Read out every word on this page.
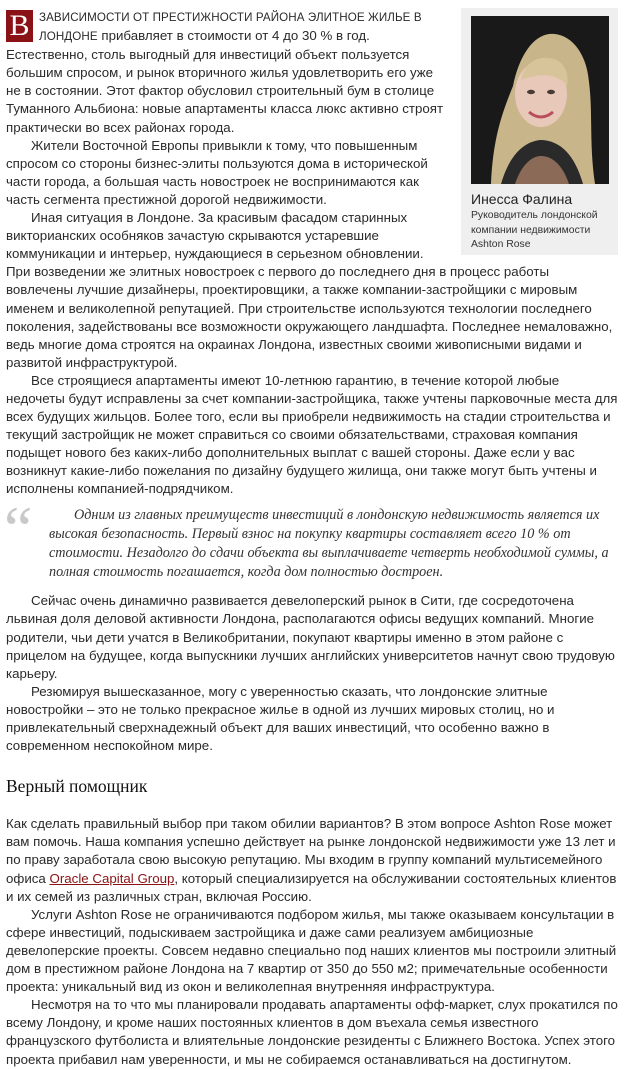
Инесса Фалина
Руководитель лондонской компании недвижимости Ashton Rose

В ЗАВИСИМОСТИ ОТ ПРЕСТИЖНОСТИ РАЙОНА ЭЛИТНОЕ ЖИЛЬЕ В ЛОНДОНЕ прибавляет в стоимости от 4 до 30 % в год. Естественно, столь выгодный для инвестиций объект пользуется большим спросом, и рынок вторичного жилья удовлетворить его уже не в состоянии. Этот фактор обусловил строительный бум в столице Туманного Альбиона: новые апартаменты класса люкс активно строят практически во всех районах города.

Жители Восточной Европы привыкли к тому, что повышенным спросом со стороны бизнес-элиты пользуются дома в исторической части города, а большая часть новостроек не воспринимаются как часть сегмента престижной дорогой недвижимости.

Иная ситуация в Лондоне. За красивым фасадом старинных викторианских особняков зачастую скрываются устаревшие коммуникации и интерьер, нуждающиеся в серьезном обновлении. При возведении же элитных новостроек с первого до последнего дня в процесс работы вовлечены лучшие дизайнеры, проектировщики, а также компании-застройщики с мировым именем и великолепной репутацией. При строительстве используются технологии последнего поколения, задействованы все возможности окружающего ландшафта. Последнее немаловажно, ведь многие дома строятся на окраинах Лондона, известных своими живописными видами и развитой инфраструктурой.

Все строящиеся апартаменты имеют 10-летнюю гарантию, в течение которой любые недочеты будут исправлены за счет компании-застройщика, также учтены парковочные места для всех будущих жильцов. Более того, если вы приобрели недвижимость на стадии строительства и текущий застройщик не может справиться со своими обязательствами, страховая компания подыщет нового без каких-либо дополнительных выплат с вашей стороны. Даже если у вас возникнут какие-либо пожелания по дизайну будущего жилища, они также могут быть учтены и исполнены компанией-подрядчиком.

“	Одним из главных преимуществ инвестиций в лондонскую недвижимость является их высокая безопасность. Первый взнос на покупку квартиры составляет всего 10 % от стоимости. Незадолго до сдачи объекта вы выплачиваете четверть необходимой суммы, а полная стоимость погашается, когда дом полностью достроен.

Сейчас очень динамично развивается девелоперский рынок в Сити, где сосредоточена львиная доля деловой активности Лондона, располагаются офисы ведущих компаний. Многие родители, чьи дети учатся в Великобритании, покупают квартиры именно в этом районе с прицелом на будущее, когда выпускники лучших английских университетов начнут свою трудовую карьеру.

Резюмируя вышесказанное, могу с уверенностью сказать, что лондонские элитные новостройки – это не только прекрасное жилье в одной из лучших мировых столиц, но и привлекательный сверхнадежный объект для ваших инвестиций, что особенно важно в современном неспокойном мире.

Верный помощник

Как сделать правильный выбор при таком обилии вариантов? В этом вопросе Ashton Rose может вам помочь. Наша компания успешно действует на рынке лондонской недвижимости уже 13 лет и по праву заработала свою высокую репутацию. Мы входим в группу компаний мультисемейного офиса Oracle Capital Group, который специализируется на обслуживании состоятельных клиентов и их семей из различных стран, включая Россию.

Услуги Ashton Rose не ограничиваются подбором жилья, мы также оказываем консультации в сфере инвестиций, подыскиваем застройщика и даже сами реализуем амбициозные девелоперские проекты. Совсем недавно специально под наших клиентов мы построили элитный дом в престижном районе Лондона на 7 квартир от 350 до 550 м2; примечательные особенности проекта: уникальный вид из окон и великолепная внутренняя инфраструктура.

Несмотря на то что мы планировали продавать апартаменты офф-маркет, слух прокатился по всему Лондону, и кроме наших постоянных клиентов в дом въехала семья известного французского футболиста и влиятельные лондонские резиденты с Ближнего Востока. Успех этого проекта прибавил нам уверенности, и мы не собираемся останавливаться на достигнутом.
